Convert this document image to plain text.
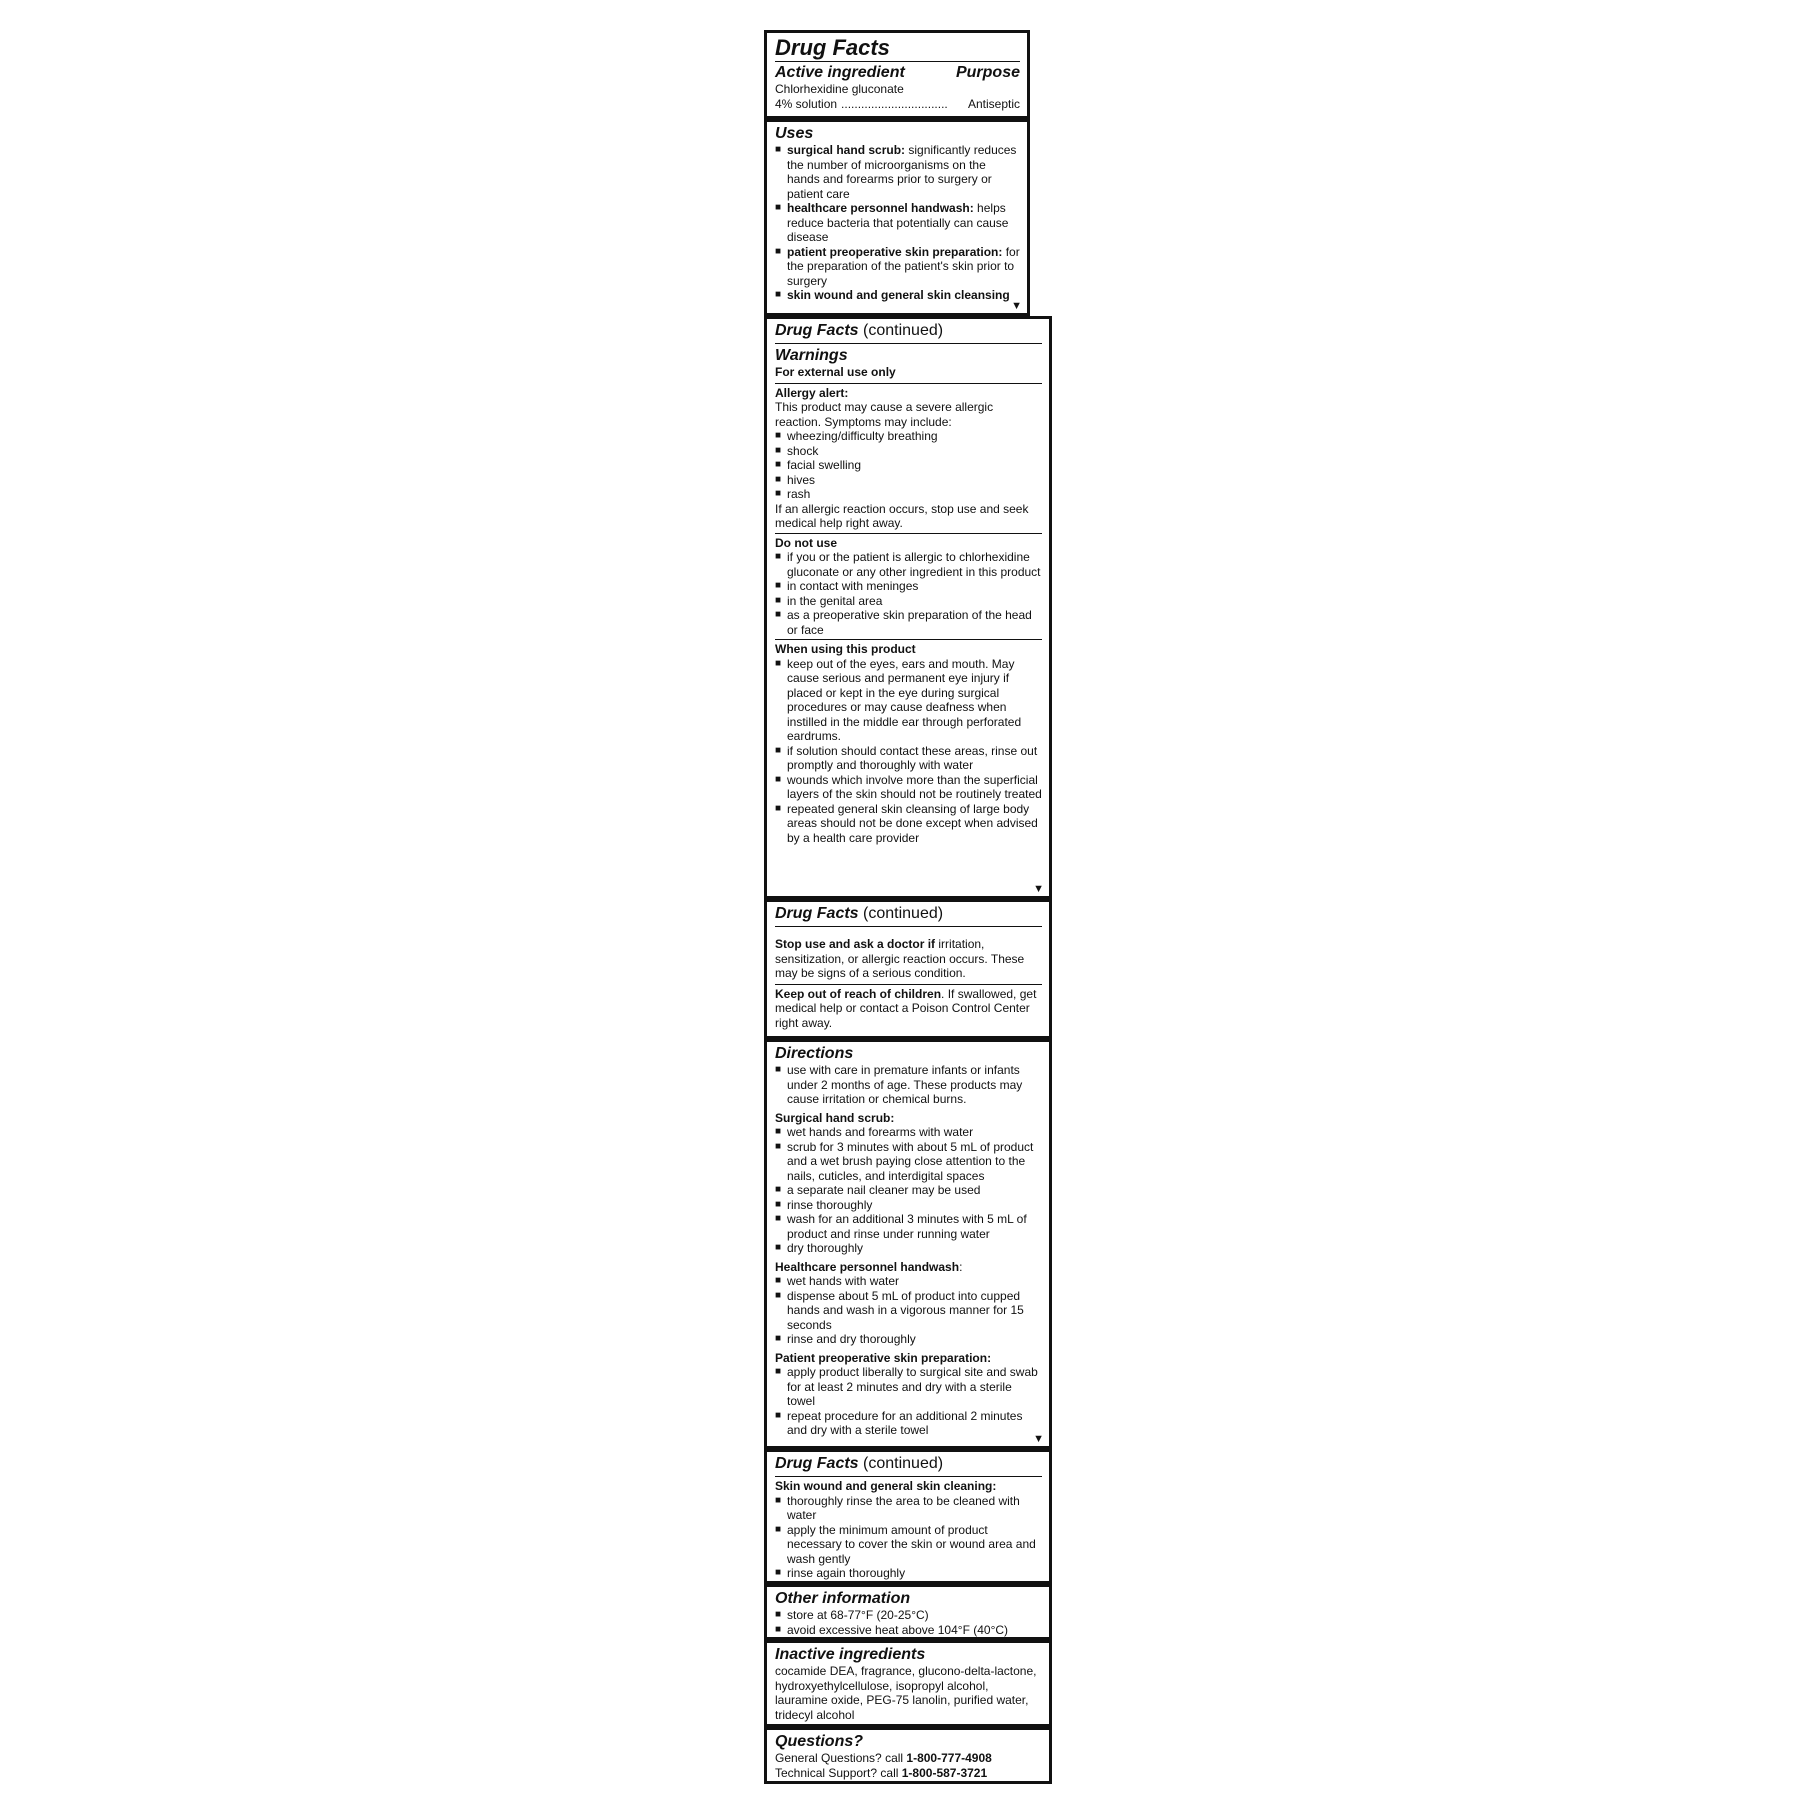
Drug Facts
Active ingredient	Purpose
Chlorhexidine gluconate
4% solution ................................	Antiseptic
Uses
■ surgical hand scrub: significantly reduces the number of microorganisms on the hands and forearms prior to surgery or patient care
■ healthcare personnel handwash: helps reduce bacteria that potentially can cause disease
■ patient preoperative skin preparation: for the preparation of the patient's skin prior to surgery
■ skin wound and general skin cleansing
▼
Drug Facts (continued)
Warnings
For external use only
Allergy alert:
This product may cause a severe allergic reaction. Symptoms may include:
■ wheezing/difficulty breathing
■ shock
■ facial swelling
■ hives
■ rash
If an allergic reaction occurs, stop use and seek medical help right away.
Do not use
■ if you or the patient is allergic to chlorhexidine gluconate or any other ingredient in this product
■ in contact with meninges
■ in the genital area
■ as a preoperative skin preparation of the head or face
When using this product
■ keep out of the eyes, ears and mouth. May cause serious and permanent eye injury if placed or kept in the eye during surgical procedures or may cause deafness when instilled in the middle ear through perforated eardrums.
■ if solution should contact these areas, rinse out promptly and thoroughly with water
■ wounds which involve more than the superficial layers of the skin should not be routinely treated
■ repeated general skin cleansing of large body areas should not be done except when advised by a health care provider
▼
Drug Facts (continued)
Stop use and ask a doctor if irritation, sensitization, or allergic reaction occurs. These may be signs of a serious condition.
Keep out of reach of children. If swallowed, get medical help or contact a Poison Control Center right away.
Directions
■ use with care in premature infants or infants under 2 months of age. These products may cause irritation or chemical burns.
Surgical hand scrub:
■ wet hands and forearms with water
■ scrub for 3 minutes with about 5 mL of product and a wet brush paying close attention to the nails, cuticles, and interdigital spaces
■ a separate nail cleaner may be used
■ rinse thoroughly
■ wash for an additional 3 minutes with 5 mL of product and rinse under running water
■ dry thoroughly
Healthcare personnel handwash:
■ wet hands with water
■ dispense about 5 mL of product into cupped hands and wash in a vigorous manner for 15 seconds
■ rinse and dry thoroughly
Patient preoperative skin preparation:
■ apply product liberally to surgical site and swab for at least 2 minutes and dry with a sterile towel
■ repeat procedure for an additional 2 minutes and dry with a sterile towel
▼
Drug Facts (continued)
Skin wound and general skin cleaning:
■ thoroughly rinse the area to be cleaned with water
■ apply the minimum amount of product necessary to cover the skin or wound area and wash gently
■ rinse again thoroughly
Other information
■ store at 68-77°F (20-25°C)
■ avoid excessive heat above 104°F (40°C)
Inactive ingredients
cocamide DEA, fragrance, glucono-delta-lactone, hydroxyethylcellulose, isopropyl alcohol, lauramine oxide, PEG-75 lanolin, purified water, tridecyl alcohol
Questions?
General Questions? call 1-800-777-4908
Technical Support? call 1-800-587-3721
